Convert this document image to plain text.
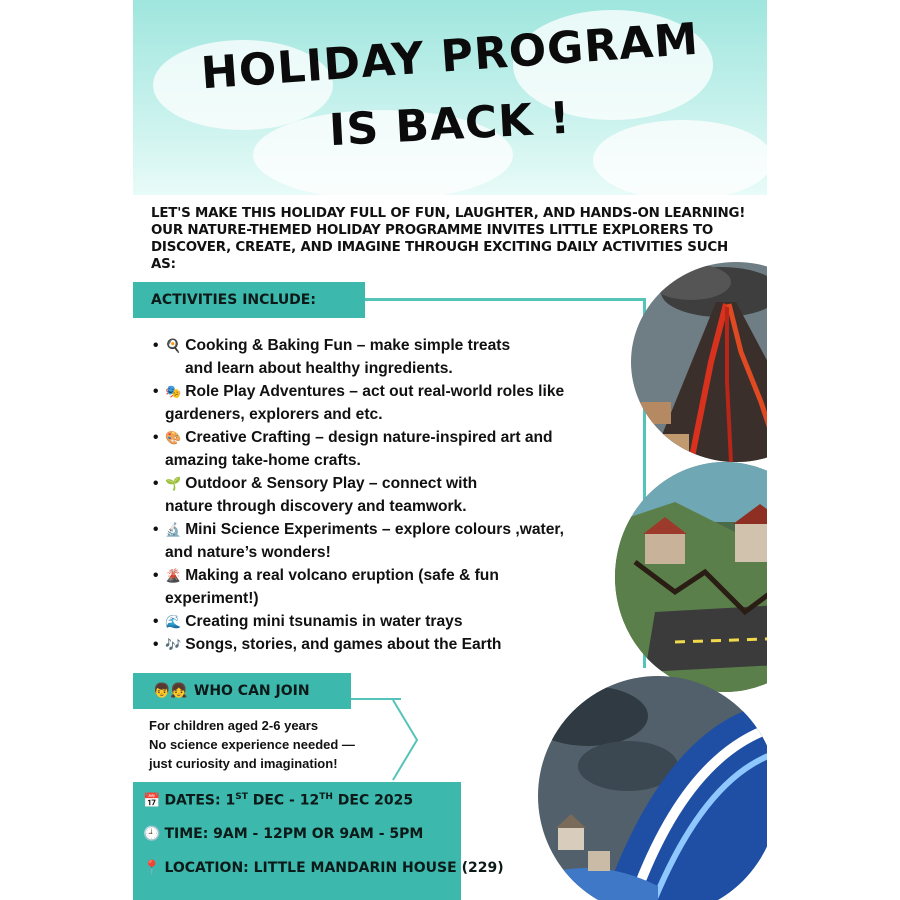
HOLIDAY PROGRAM
IS BACK !
LET'S MAKE THIS HOLIDAY FULL OF FUN, LAUGHTER, AND HANDS-ON LEARNING!
OUR NATURE-THEMED HOLIDAY PROGRAMME INVITES LITTLE EXPLORERS TO
DISCOVER, CREATE, AND IMAGINE THROUGH EXCITING DAILY ACTIVITIES SUCH AS:
ACTIVITIES INCLUDE:
• 🍳 Cooking & Baking Fun – make simple treats
and learn about healthy ingredients.
• 🎭 Role Play Adventures – act out real-world roles like
gardeners, explorers and etc.
• 🎨 Creative Crafting – design nature-inspired art and
amazing take-home crafts.
• 🌱 Outdoor & Sensory Play – connect with
nature through discovery and teamwork.
• 🔬 Mini Science Experiments – explore colours ,water,
and nature’s wonders!
• 🌋 Making a real volcano eruption (safe & fun
experiment!)
• 🌊 Creating mini tsunamis in water trays
• 🎶 Songs, stories, and games about the Earth
👦👧 WHO CAN JOIN
For children aged 2-6 years
No science experience needed —
just curiosity and imagination!
📅 DATES: 1ST DEC - 12TH DEC 2025
🕘 TIME: 9AM - 12PM OR 9AM - 5PM
📍 LOCATION: LITTLE MANDARIN HOUSE (229)
